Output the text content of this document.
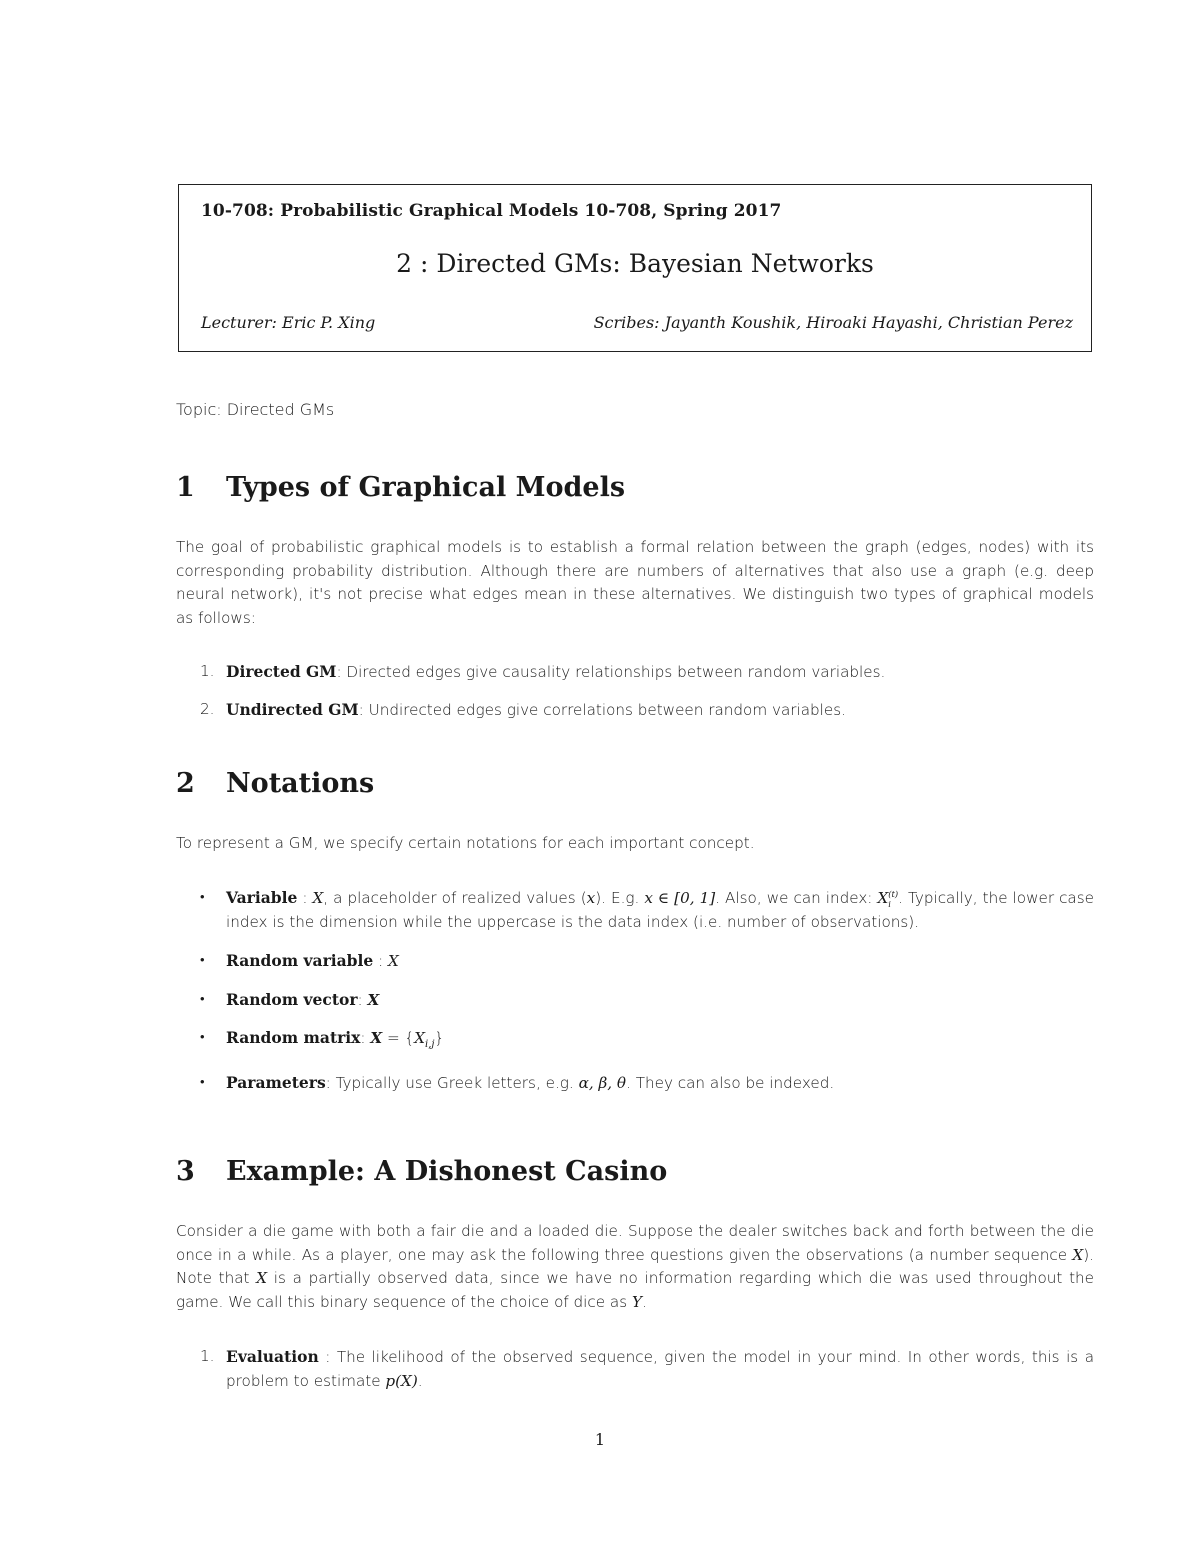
10-708: Probabilistic Graphical Models 10-708, Spring 2017
2 : Directed GMs: Bayesian Networks
Lecturer: Eric P. Xing	Scribes: Jayanth Koushik, Hiroaki Hayashi, Christian Perez
Topic: Directed GMs
1 Types of Graphical Models

The goal of probabilistic graphical models is to establish a formal relation between the graph (edges, nodes) with its corresponding probability distribution. Although there are numbers of alternatives that also use a graph (e.g. deep neural network), it's not precise what edges mean in these alternatives. We distinguish two types of graphical models as follows:

1. Directed GM: Directed edges give causality relationships between random variables.
2. Undirected GM: Undirected edges give correlations between random variables.
2 Notations

To represent a GM, we specify certain notations for each important concept.

• Variable : X, a placeholder of realized values (x). E.g. x ∈ [0, 1]. Also, we can index: X (t)
i . Typically, the lower case index is the dimension while the uppercase is the data index (i.e. number of observations).
• Random variable : X
• Random vector: X
• Random matrix: $X = \{X_{i,j}\}$
• Parameters: Typically use Greek letters, e.g. α, β, θ. They can also be indexed.
3 Example: A Dishonest Casino

Consider a die game with both a fair die and a loaded die. Suppose the dealer switches back and forth between the die once in a while. As a player, one may ask the following three questions given the observations (a number sequence X). Note that X is a partially observed data, since we have no information regarding which die was used throughout the game. We call this binary sequence of the choice of dice as Y.

1. Evaluation : The likelihood of the observed sequence, given the model in your mind. In other words, this is a problem to estimate p(X).
1
